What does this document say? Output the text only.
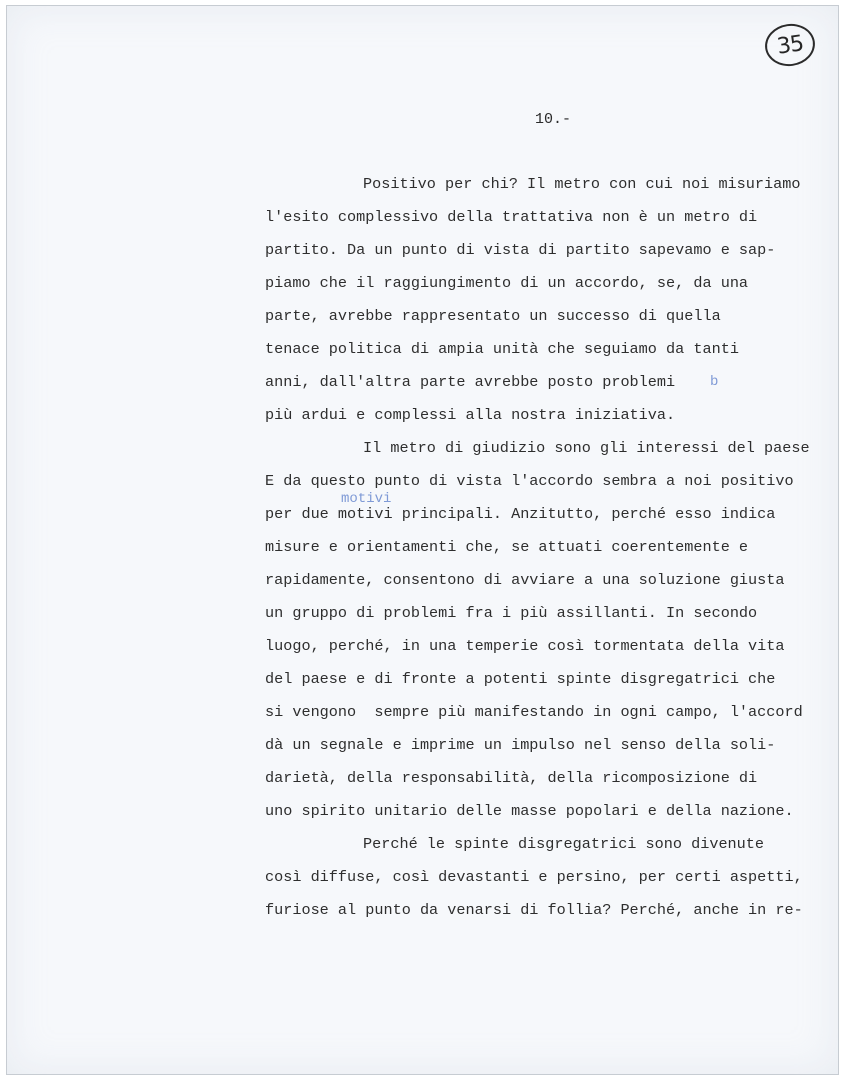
35
10.-
Positivo per chi? Il metro con cui noi misuriamo
l'esito complessivo della trattativa non è un metro di
partito. Da un punto di vista di partito sapevamo e sap-
piamo che il raggiungimento di un accordo, se, da una
parte, avrebbe rappresentato un successo di quella
tenace politica di ampia unità che seguiamo da tanti
anni, dall'altra parte avrebbe posto problemi b
più ardui e complessi alla nostra iniziativa.
Il metro di giudizio sono gli interessi del paese
E da questo punto di vista l'accordo sembra a noi positivo
motivi
per due motivi principali. Anzitutto, perché esso indica
misure e orientamenti che, se attuati coerentemente e
rapidamente, consentono di avviare a una soluzione giusta
un gruppo di problemi fra i più assillanti. In secondo
luogo, perché, in una temperie così tormentata della vita
del paese e di fronte a potenti spinte disgregatrici che
si vengono  sempre più manifestando in ogni campo, l'accord
dà un segnale e imprime un impulso nel senso della soli-
darietà, della responsabilità, della ricomposizione di
uno spirito unitario delle masse popolari e della nazione.
Perché le spinte disgregatrici sono divenute
così diffuse, così devastanti e persino, per certi aspetti,
furiose al punto da venarsi di follia? Perché, anche in re-
